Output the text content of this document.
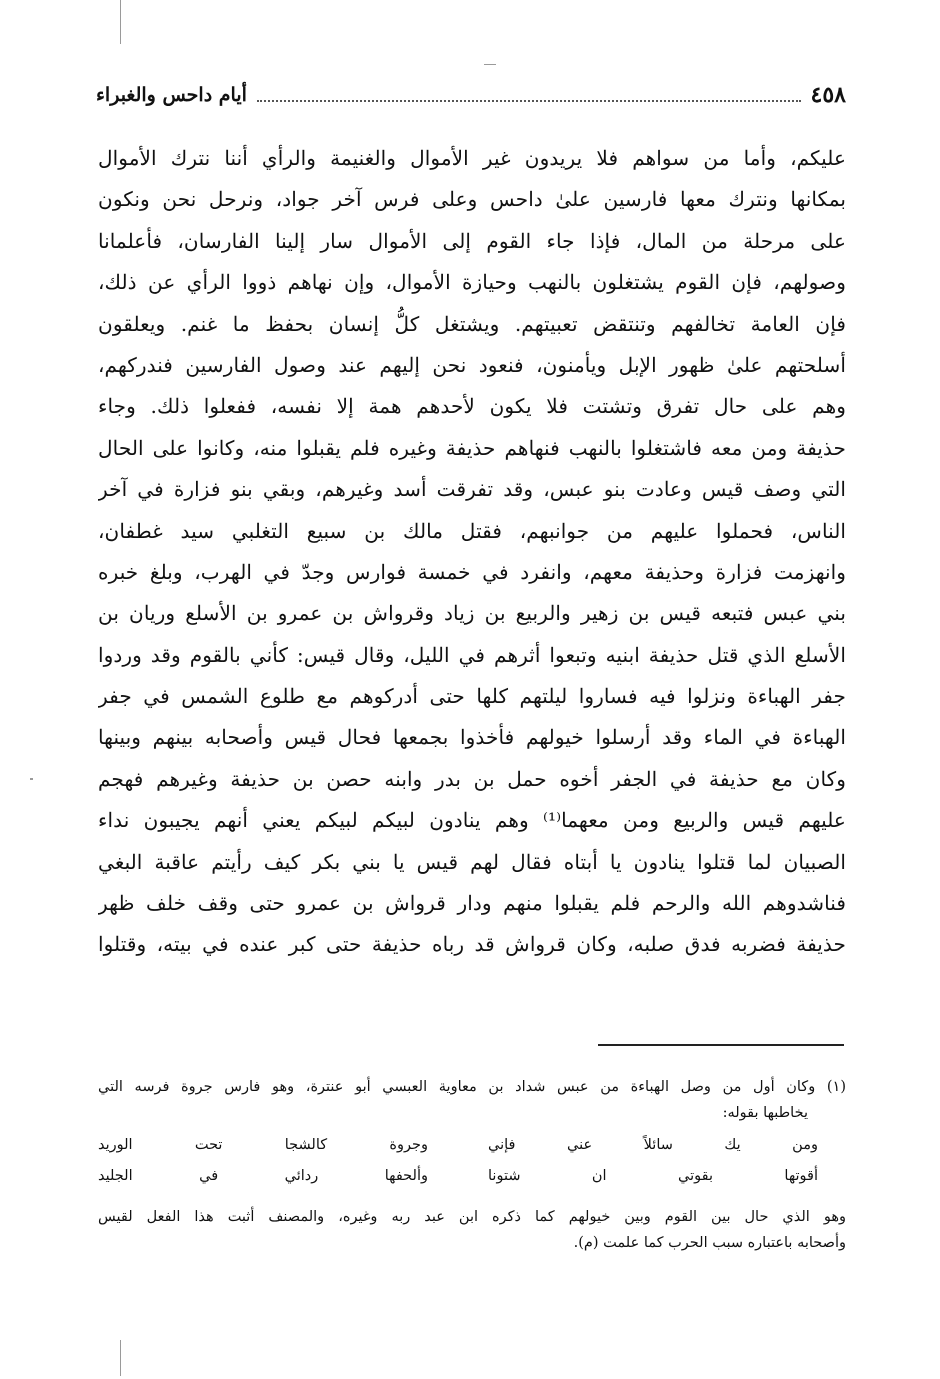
٤٥٨
أيام داحس والغبراء
عليكم، وأما من سواهم فلا يريدون غير الأموال والغنيمة والرأي أننا نترك الأموال
بمكانها ونترك معها فارسين علىٰ داحس وعلى فرس آخر جواد، ونرحل نحن ونكون
على مرحلة من المال، فإذا جاء القوم إلى الأموال سار إلينا الفارسان، فأعلمانا
وصولهم، فإن القوم يشتغلون بالنهب وحيازة الأموال، وإن نهاهم ذووا الرأي عن ذلك،
فإن العامة تخالفهم وتنتقض تعبيتهم. ويشتغل كلُّ إنسان بحفظ ما غنم. ويعلقون
أسلحتهم علىٰ ظهور الإبل ويأمنون، فنعود نحن إليهم عند وصول الفارسين فندركهم،
وهم على حال تفرق وتشتت فلا يكون لأحدهم همة إلا نفسه، ففعلوا ذلك. وجاء
حذيفة ومن معه فاشتغلوا بالنهب فنهاهم حذيفة وغيره فلم يقبلوا منه، وكانوا على الحال
التي وصف قيس وعادت بنو عبس، وقد تفرقت أسد وغيرهم، وبقي بنو فزارة في آخر
الناس، فحملوا عليهم من جوانبهم، فقتل مالك بن سبيع التغلبي سيد غطفان،
وانهزمت فزارة وحذيفة معهم، وانفرد في خمسة فوارس وجدّ في الهرب، وبلغ خبره
بني عبس فتبعه قيس بن زهير والربيع بن زياد وقرواش بن عمرو بن الأسلع وريان بن
الأسلع الذي قتل حذيفة ابنيه وتبعوا أثرهم في الليل، وقال قيس: كأني بالقوم وقد وردوا
جفر الهباءة ونزلوا فيه فساروا ليلتهم كلها حتى أدركوهم مع طلوع الشمس في جفر
الهباءة في الماء وقد أرسلوا خيولهم فأخذوا بجمعها فحال قيس وأصحابه بينهم وبينها
وكان مع حذيفة في الجفر أخوه حمل بن بدر وابنه حصن بن حذيفة وغيرهم فهجم
عليهم قيس والربيع ومن معهما⁽¹⁾ وهم ينادون لبيكم لبيكم يعني أنهم يجيبون نداء
الصبيان لما قتلوا ينادون يا أبتاه فقال لهم قيس يا بني بكر كيف رأيتم عاقبة البغي
فناشدوهم الله والرحم فلم يقبلوا منهم ودار قرواش بن عمرو حتى وقف خلف ظهر
حذيفة فضربه فدق صلبه، وكان قرواش قد رباه حذيفة حتى كبر عنده في بيته، وقتلوا
(١) وكان أول من وصل الهباءة من عبس شداد بن معاوية العبسي أبو عنترة، وهو فارس جروة فرسه التي
يخاطبها بقوله:
ومن يك سائلاً عني فإني
وجروة كالشجا تحت الوريد
أقوتها بقوتي ان شتونا
وألحفها ردائي في الجليد
وهو الذي حال بين القوم وبين خيولهم كما ذكره ابن عبد ربه وغيره، والمصنف أثبت هذا الفعل لقيس
وأصحابه باعتباره سبب الحرب كما علمت (م).
